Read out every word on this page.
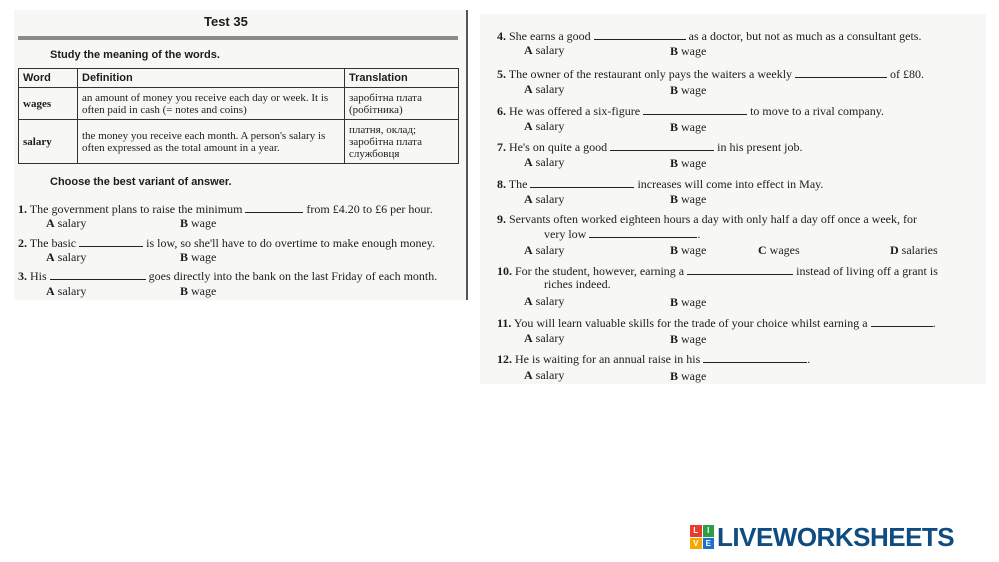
Test 35
Study the meaning of the words.
Word	Definition	Translation
wages	an amount of money you receive each day or week. It is often paid in cash (= notes and coins)	заробітна плата (робітника)
salary	the money you receive each month. A person's salary is often expressed as the total amount in a year.	платня, оклад; заробітна плата службовця
Choose the best variant of answer.
1. The government plans to raise the minimum	from £4.20 to £6 per hour.
A salary	B wage
2. The basic	is low, so she'll have to do overtime to make enough money.
A salary	B wage
3. His	goes directly into the bank on the last Friday of each month.
A salary	B wage
4. She earns a good	as a doctor, but not as much as a consultant gets.
A salary	B wage
5. The owner of the restaurant only pays the waiters a weekly	of £80.
A salary	B wage
6. He was offered a six-figure	to move to a rival company.
A salary	B wage
7. He's on quite a good	in his present job.
A salary	B wage
8. The	increases will come into effect in May.
A salary	B wage
9. Servants often worked eighteen hours a day with only half a day off once a week, for
very low	.
A salary	B wage	C wages	D salaries
10. For the student, however, earning a	instead of living off a grant is
riches indeed.
A salary	B wage
11. You will learn valuable skills for the trade of your choice whilst earning a	.
A salary	B wage
12. He is waiting for an annual raise in his	.
A salary	B wage
L	I
V E LIVEWORKSHEETS
